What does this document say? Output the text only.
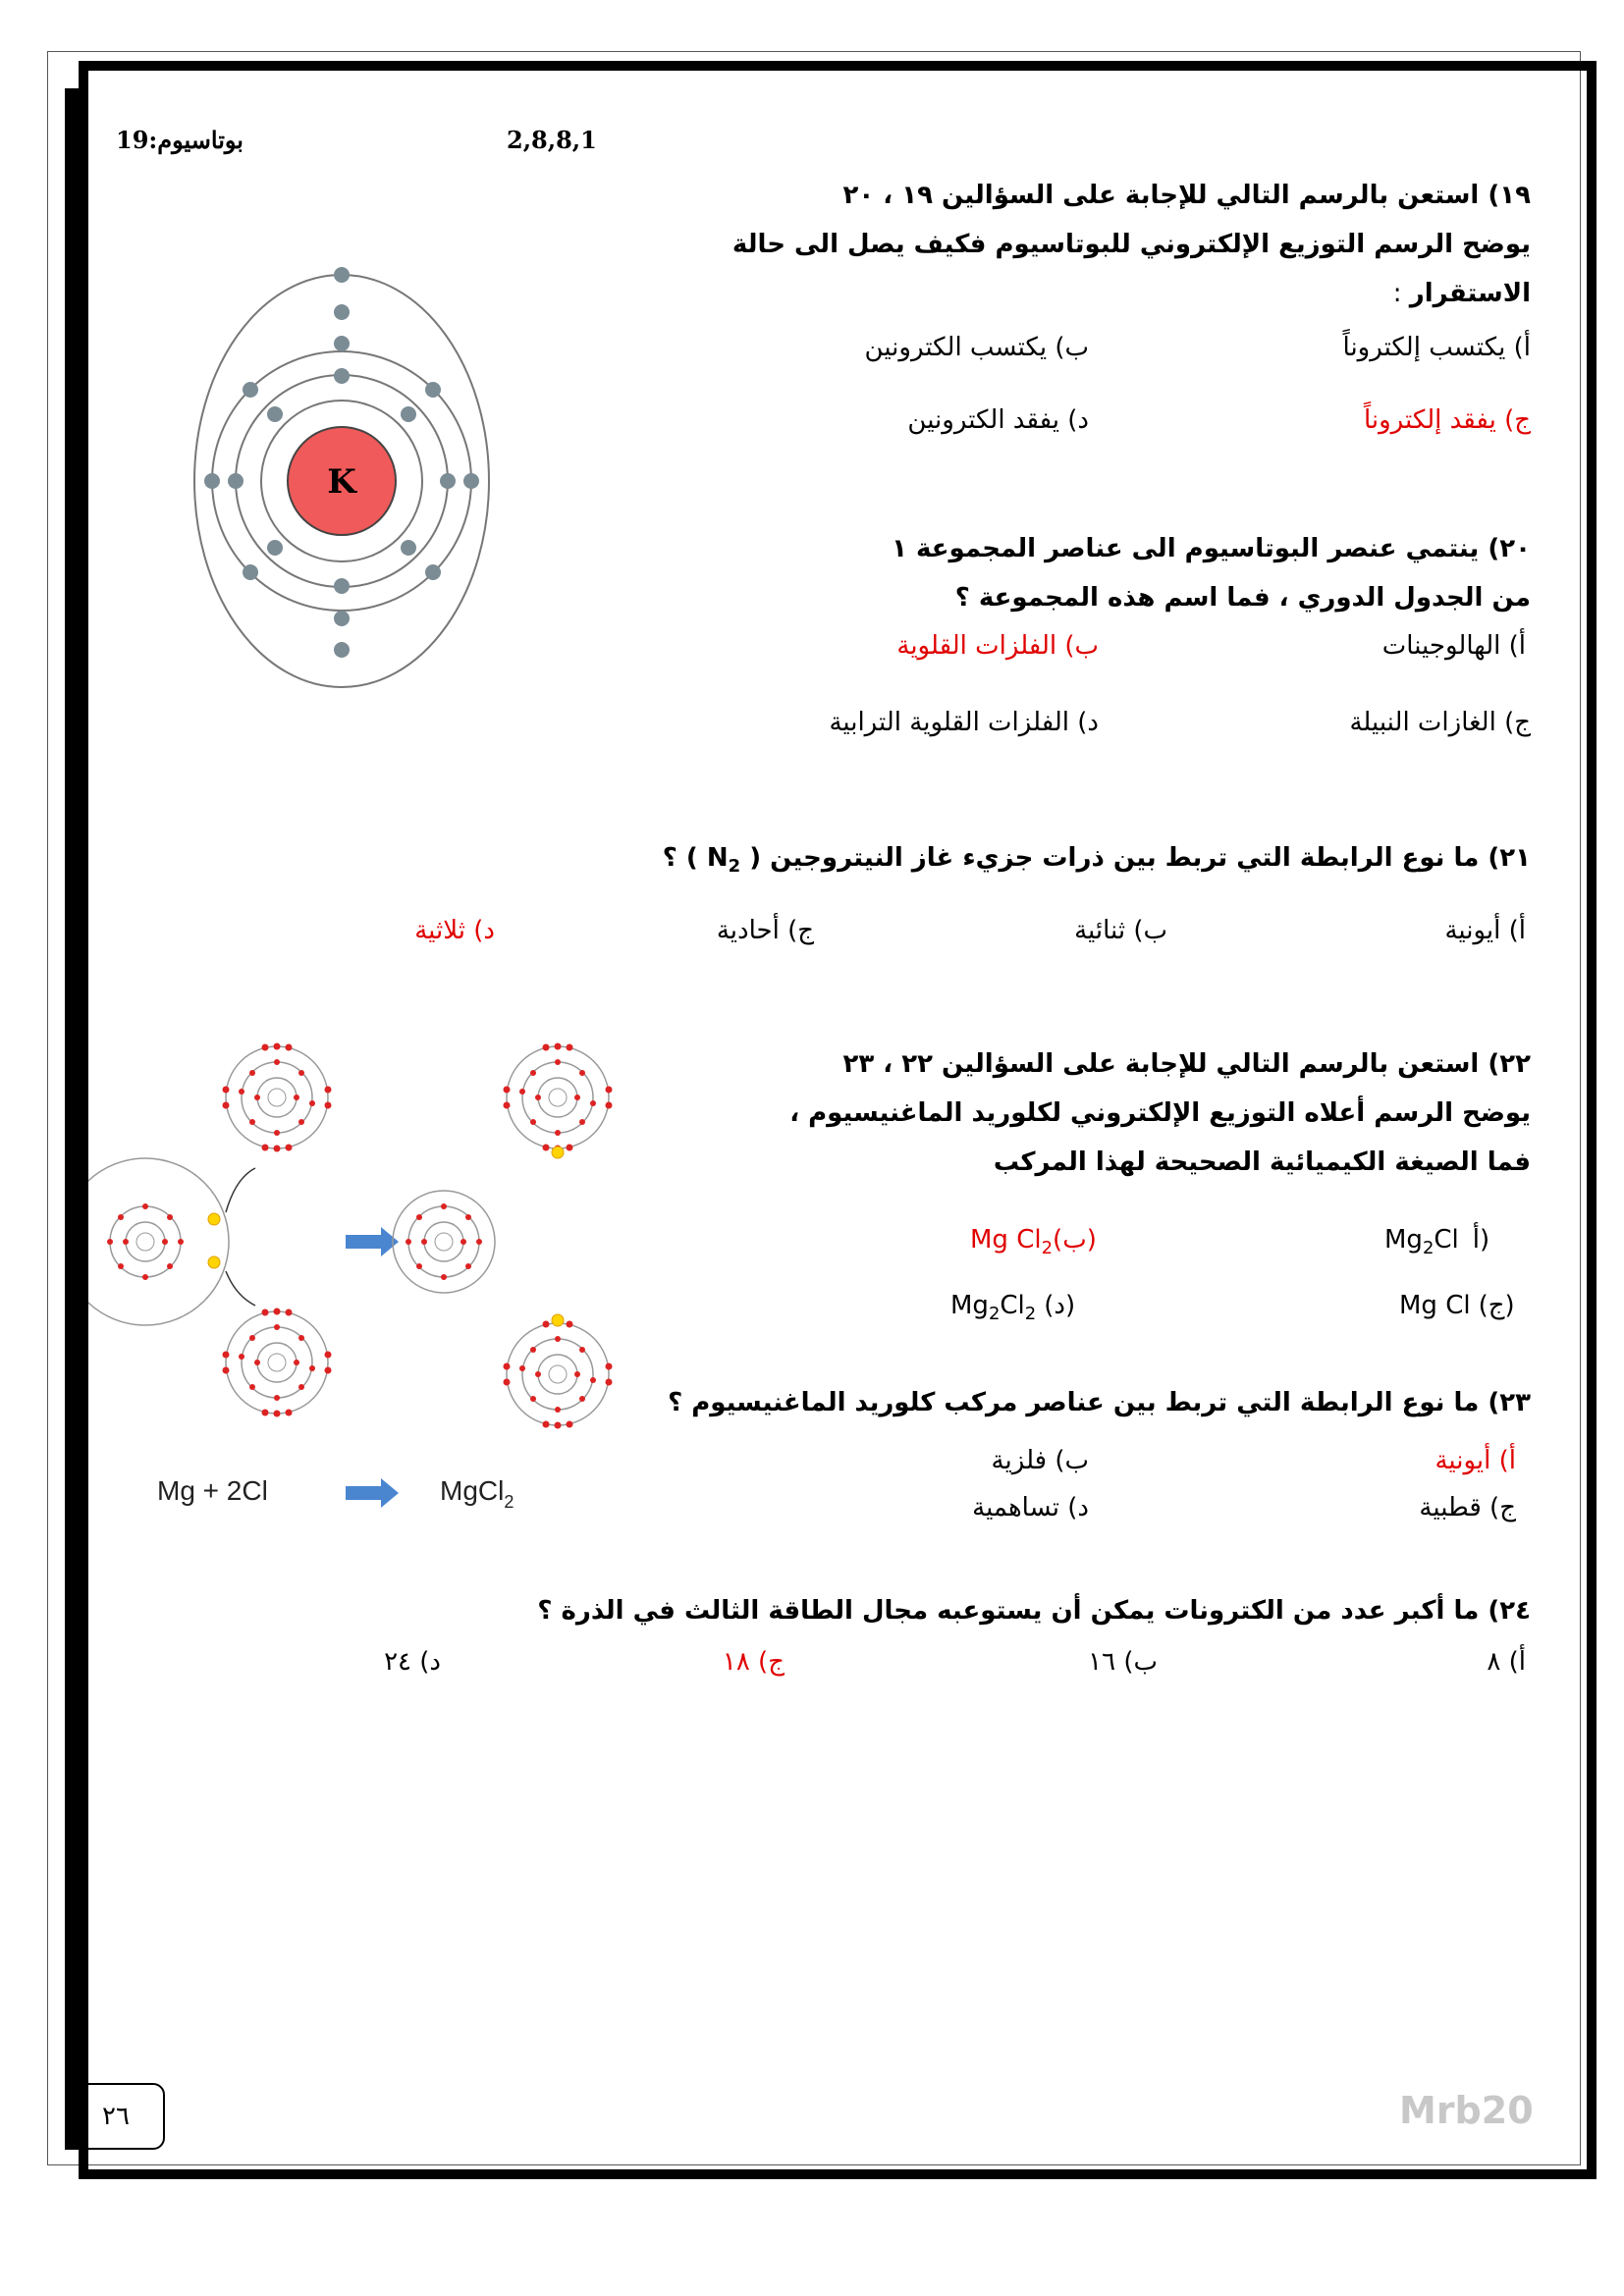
بوتاسيوم:19	2,8,8,1
١٩) استعن بالرسم التالي للإجابة على السؤالين ١٩ ، ٢٠
يوضح الرسم التوزيع الإلكتروني للبوتاسيوم فكيف يصل الى حالة
الاستقرار :
أ) يكتسب إلكتروناً
ب) يكتسب الكترونين
ج) يفقد إلكتروناً
د) يفقد الكترونين
K
٢٠) ينتمي عنصر البوتاسيوم الى عناصر المجموعة ١
من الجدول الدوري ، فما اسم هذه المجموعة ؟
أ) الهالوجينات
ب) الفلزات القلوية
ج) الغازات النبيلة
د) الفلزات القلوية الترابية
٢١) ما نوع الرابطة التي تربط بين ذرات جزيء غاز النيتروجين ( $N_2$ ) ؟
أ) أيونية
ب) ثنائية
ج) أحادية
د) ثلاثية
Mg + 2Cl	MgCl$_2$
٢٢) استعن بالرسم التالي للإجابة على السؤالين ٢٢ ، ٢٣
يوضح الرسم أعلاه التوزيع الإلكتروني لكلوريد الماغنيسيوم ،
فما الصيغة الكيميائية الصحيحة لهذا المركب
$Mg_2Cl$ أ)
Mg $Cl_2(ب)$
Mg Cl (ج)
$Mg_2Cl_2$ (د)
٢٣) ما نوع الرابطة التي تربط بين عناصر مركب كلوريد الماغنيسيوم ؟
أ) أيونية
ب) فلزية
ج) قطبية
د) تساهمية
٢٤) ما أكبر عدد من الكترونات يمكن أن يستوعبه مجال الطاقة الثالث في الذرة ؟
أ) ٨
ب) ١٦
ج) ١٨
د) ٢٤
٢٦	Mrb20
